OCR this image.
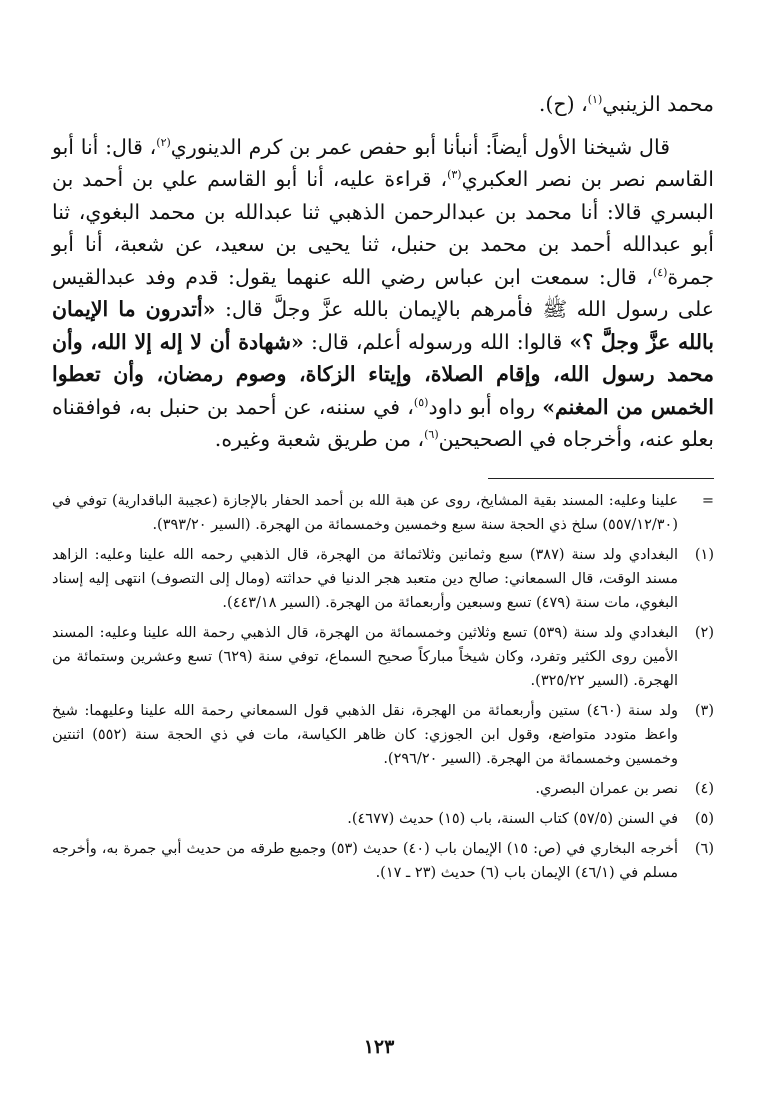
محمد الزينبي$^{(١)}$، (ح).

قال شيخنا الأول أيضاً: أنبأنا أبو حفص عمر بن كرم الدينوري$^{(٢)}$، قال: أنا أبو القاسم نصر بن نصر العكبري$^{(٣)}$، قراءة عليه، أنا أبو القاسم علي بن أحمد بن البسري قالا: أنا محمد بن عبدالرحمن الذهبي ثنا عبدالله بن محمد البغوي، ثنا أبو عبدالله أحمد بن محمد بن حنبل، ثنا يحيى بن سعيد، عن شعبة، أنا أبو جمرة$^{(٤)}$، قال: سمعت ابن عباس رضي الله عنهما يقول: قدم وفد عبدالقيس على رسول الله ﷺ فأمرهم بالإيمان بالله عزَّ وجلَّ قال: «أتدرون ما الإيمان بالله عزَّ وجلَّ ؟» قالوا: الله ورسوله أعلم، قال: «شهادة أن لا إله إلا الله، وأن محمد رسول الله، وإقام الصلاة، وإيتاء الزكاة، وصوم رمضان، وأن تعطوا الخمس من المغنم» رواه أبو داود$^{(٥)}$، في سننه، عن أحمد بن حنبل به، فوافقناه بعلو عنه، وأخرجاه في الصحيحين$^{(٦)}$، من طريق شعبة وغيره.

=
علينا وعليه: المسند بقية المشايخ، روى عن هبة الله بن أحمد الحفار بالإجازة (عجيبة الباقدارية) توفي في (٥٥٧/١٢/٣٠) سلخ ذي الحجة سنة سبع وخمسين وخمسمائة من الهجرة. (السير ٣٩٣/٢٠).
(١)
البغدادي ولد سنة (٣٨٧) سبع وثمانين وثلاثمائة من الهجرة، قال الذهبي رحمه الله علينا وعليه: الزاهد مسند الوقت، قال السمعاني: صالح دين متعبد هجر الدنيا في حداثته (ومال إلى التصوف) انتهى إليه إسناد البغوي، مات سنة (٤٧٩) تسع وسبعين وأربعمائة من الهجرة. (السير ٤٤٣/١٨).
(٢)
البغدادي ولد سنة (٥٣٩) تسع وثلاثين وخمسمائة من الهجرة، قال الذهبي رحمة الله علينا وعليه: المسند الأمين روى الكثير وتفرد، وكان شيخاً مباركاً صحيح السماع، توفي سنة (٦٢٩) تسع وعشرين وستمائة من الهجرة. (السير ٣٢٥/٢٢).
(٣)
ولد سنة (٤٦٠) ستين وأربعمائة من الهجرة، نقل الذهبي قول السمعاني رحمة الله علينا وعليهما: شيخ واعظ متودد متواضع، وقول ابن الجوزي: كان ظاهر الكياسة، مات في ذي الحجة سنة (٥٥٢) اثنتين وخمسين وخمسمائة من الهجرة. (السير ٢٩٦/٢٠).
(٤)
نصر بن عمران البصري.
(٥)
في السنن (٥٧/٥) كتاب السنة، باب (١٥) حديث (٤٦٧٧).
(٦)
أخرجه البخاري في (ص: ١٥) الإيمان باب (٤٠) حديث (٥٣) وجميع طرقه من حديث أبي جمرة به، وأخرجه مسلم في (٤٦/١) الإيمان باب (٦) حديث (٢٣ ـ ١٧).
١٢٣
